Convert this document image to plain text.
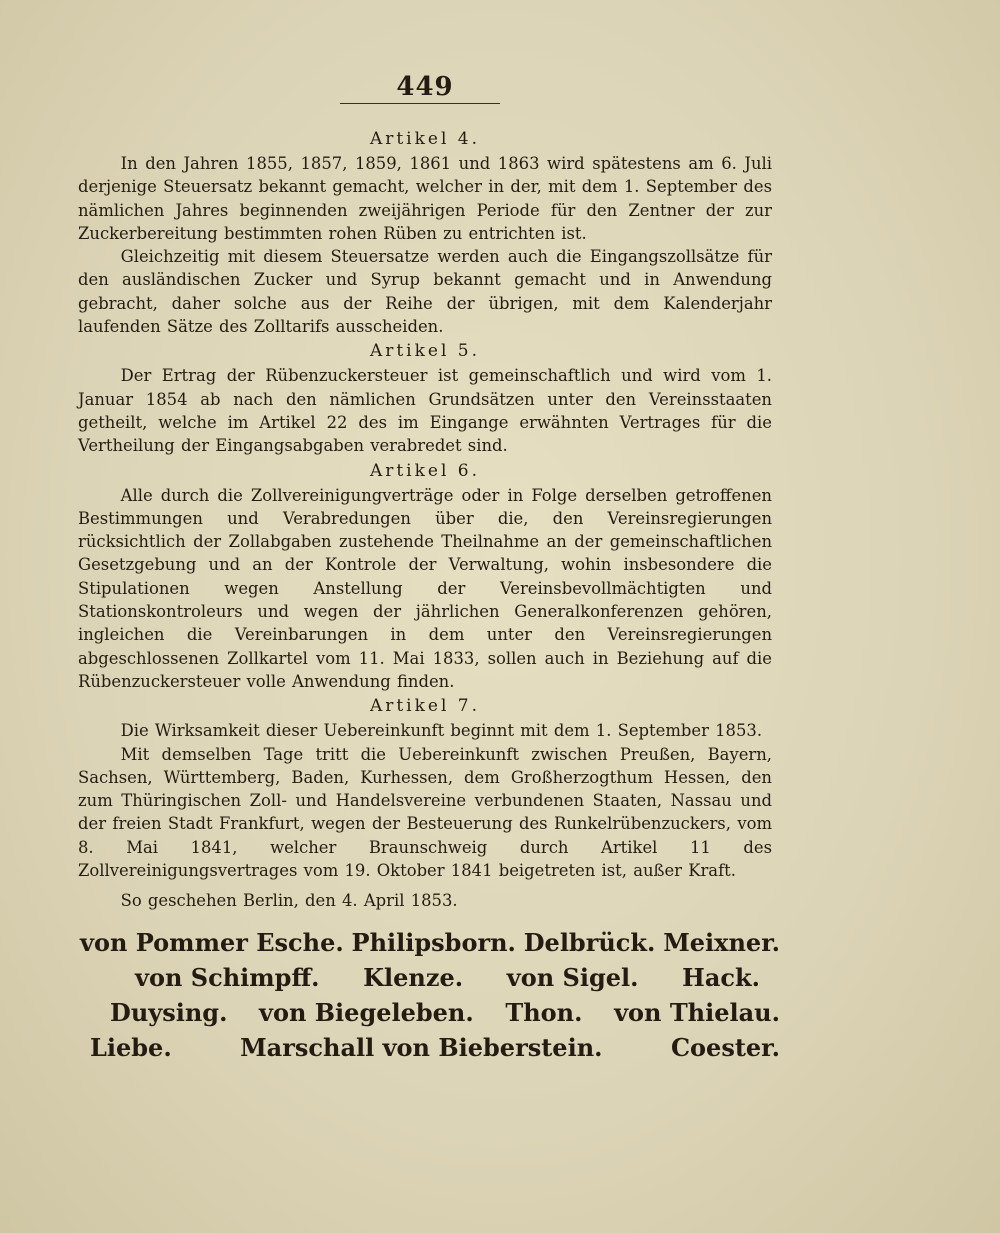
449
Artikel 4.

In den Jahren 1855, 1857, 1859, 1861 und 1863 wird spätestens am 6. Juli derjenige Steuersatz bekannt gemacht, welcher in der, mit dem 1. September des nämlichen Jahres beginnenden zweijährigen Periode für den Zentner der zur Zuckerbereitung bestimmten rohen Rüben zu entrichten ist.

Gleichzeitig mit diesem Steuersatze werden auch die Eingangszollsätze für den ausländischen Zucker und Syrup bekannt gemacht und in Anwendung gebracht, daher solche aus der Reihe der übrigen, mit dem Kalenderjahr laufenden Sätze des Zolltarifs ausscheiden.

Artikel 5.

Der Ertrag der Rübenzuckersteuer ist gemeinschaftlich und wird vom 1. Januar 1854 ab nach den nämlichen Grundsätzen unter den Vereinsstaaten getheilt, welche im Artikel 22 des im Eingange erwähnten Vertrages für die Vertheilung der Eingangsabgaben verabredet sind.

Artikel 6.

Alle durch die Zollvereinigungverträge oder in Folge derselben getroffenen Bestimmungen und Verabredungen über die, den Vereinsregierungen rücksichtlich der Zollabgaben zustehende Theilnahme an der gemeinschaftlichen Gesetzgebung und an der Kontrole der Verwaltung, wohin insbesondere die Stipulationen wegen Anstellung der Vereinsbevollmächtigten und Stationskontroleurs und wegen der jährlichen Generalkonferenzen gehören, ingleichen die Vereinbarungen in dem unter den Vereinsregierungen abgeschlossenen Zollkartel vom 11. Mai 1833, sollen auch in Beziehung auf die Rübenzuckersteuer volle Anwendung finden.

Artikel 7.

Die Wirksamkeit dieser Uebereinkunft beginnt mit dem 1. September 1853.

Mit demselben Tage tritt die Uebereinkunft zwischen Preußen, Bayern, Sachsen, Württemberg, Baden, Kurhessen, dem Großherzogthum Hessen, den zum Thüringischen Zoll- und Handelsvereine verbundenen Staaten, Nassau und der freien Stadt Frankfurt, wegen der Besteuerung des Runkelrübenzuckers, vom 8. Mai 1841, welcher Braunschweig durch Artikel 11 des Zollvereinigungsvertrages vom 19. Oktober 1841 beigetreten ist, außer Kraft.

So geschehen Berlin, den 4. April 1853.

von Pommer Esche. Philipsborn. Delbrück. Meixner.
von Schimpff. Klenze. von Sigel. Hack.
Duysing. von Biegeleben. Thon. von Thielau.
Liebe.	Marschall von Bieberstein.	Coester.
